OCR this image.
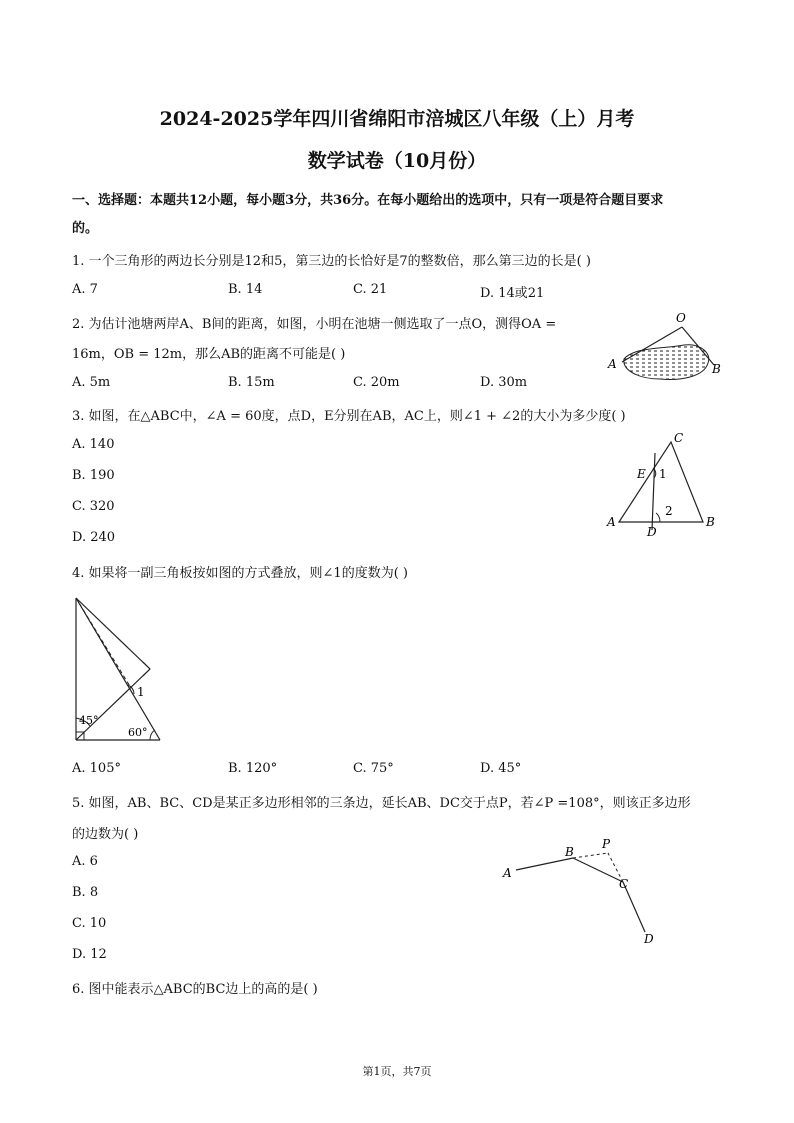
2024-2025学年四川省绵阳市涪城区八年级（上）月考
数学试卷（10月份）
一、选择题：本题共12小题，每小题3分，共36分。在每小题给出的选项中，只有一项是符合题目要求
的。
1. 一个三角形的两边长分别是12和5，第三边的长恰好是7的整数倍，那么第三边的长是( )
A. 7	B. 14	C. 21	D. 14或21
2. 为估计池塘两岸A、B间的距离，如图，小明在池塘一侧选取了一点O，测得OA =
16m，OB = 12m，那么AB的距离不可能是( )
A. 5m	B. 15m	C. 20m	D. 30m
O
A	B
3. 如图，在△ABC中，∠A = 60度，点D，E分别在AB，AC上，则∠1 + ∠2的大小为多少度( )
A. 140
B. 190
C. 320
D. 240
C
E
A
D
B
1
2
4. 如果将一副三角板按如图的方式叠放，则∠1的度数为( )
45°
60°
1
A. 105°	B. 120°	C. 75°	D. 45°
5. 如图，AB、BC、CD是某正多边形相邻的三条边，延长AB、DC交于点P，若∠P =108°，则该正多边形
的边数为( )
A. 6
B. 8
C. 10
D. 12
A
B
P
C
D
6. 图中能表示△ABC的BC边上的高的是( )
第1页，共7页
